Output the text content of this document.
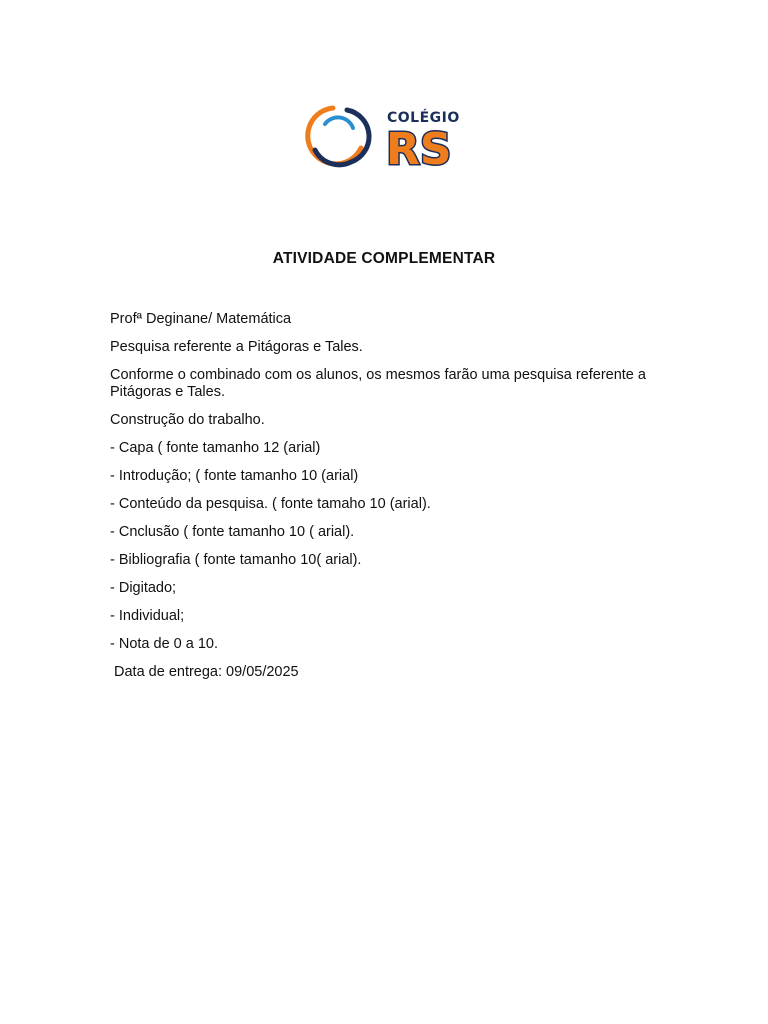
COLÉGIO
RS
ATIVIDADE COMPLEMENTAR

Profª Deginane/ Matemática

Pesquisa referente a Pitágoras e Tales.

Conforme o combinado com os alunos, os mesmos farão uma pesquisa referente a Pitágoras e Tales.

Construção do trabalho.

- Capa ( fonte tamanho 12 (arial)

- Introdução; ( fonte tamanho 10 (arial)

- Conteúdo da pesquisa. ( fonte tamaho 10 (arial).

- Cnclusão ( fonte tamanho 10 ( arial).

- Bibliografia ( fonte tamanho 10( arial).

- Digitado;

- Individual;

- Nota de 0 a 10.

Data de entrega: 09/05/2025
